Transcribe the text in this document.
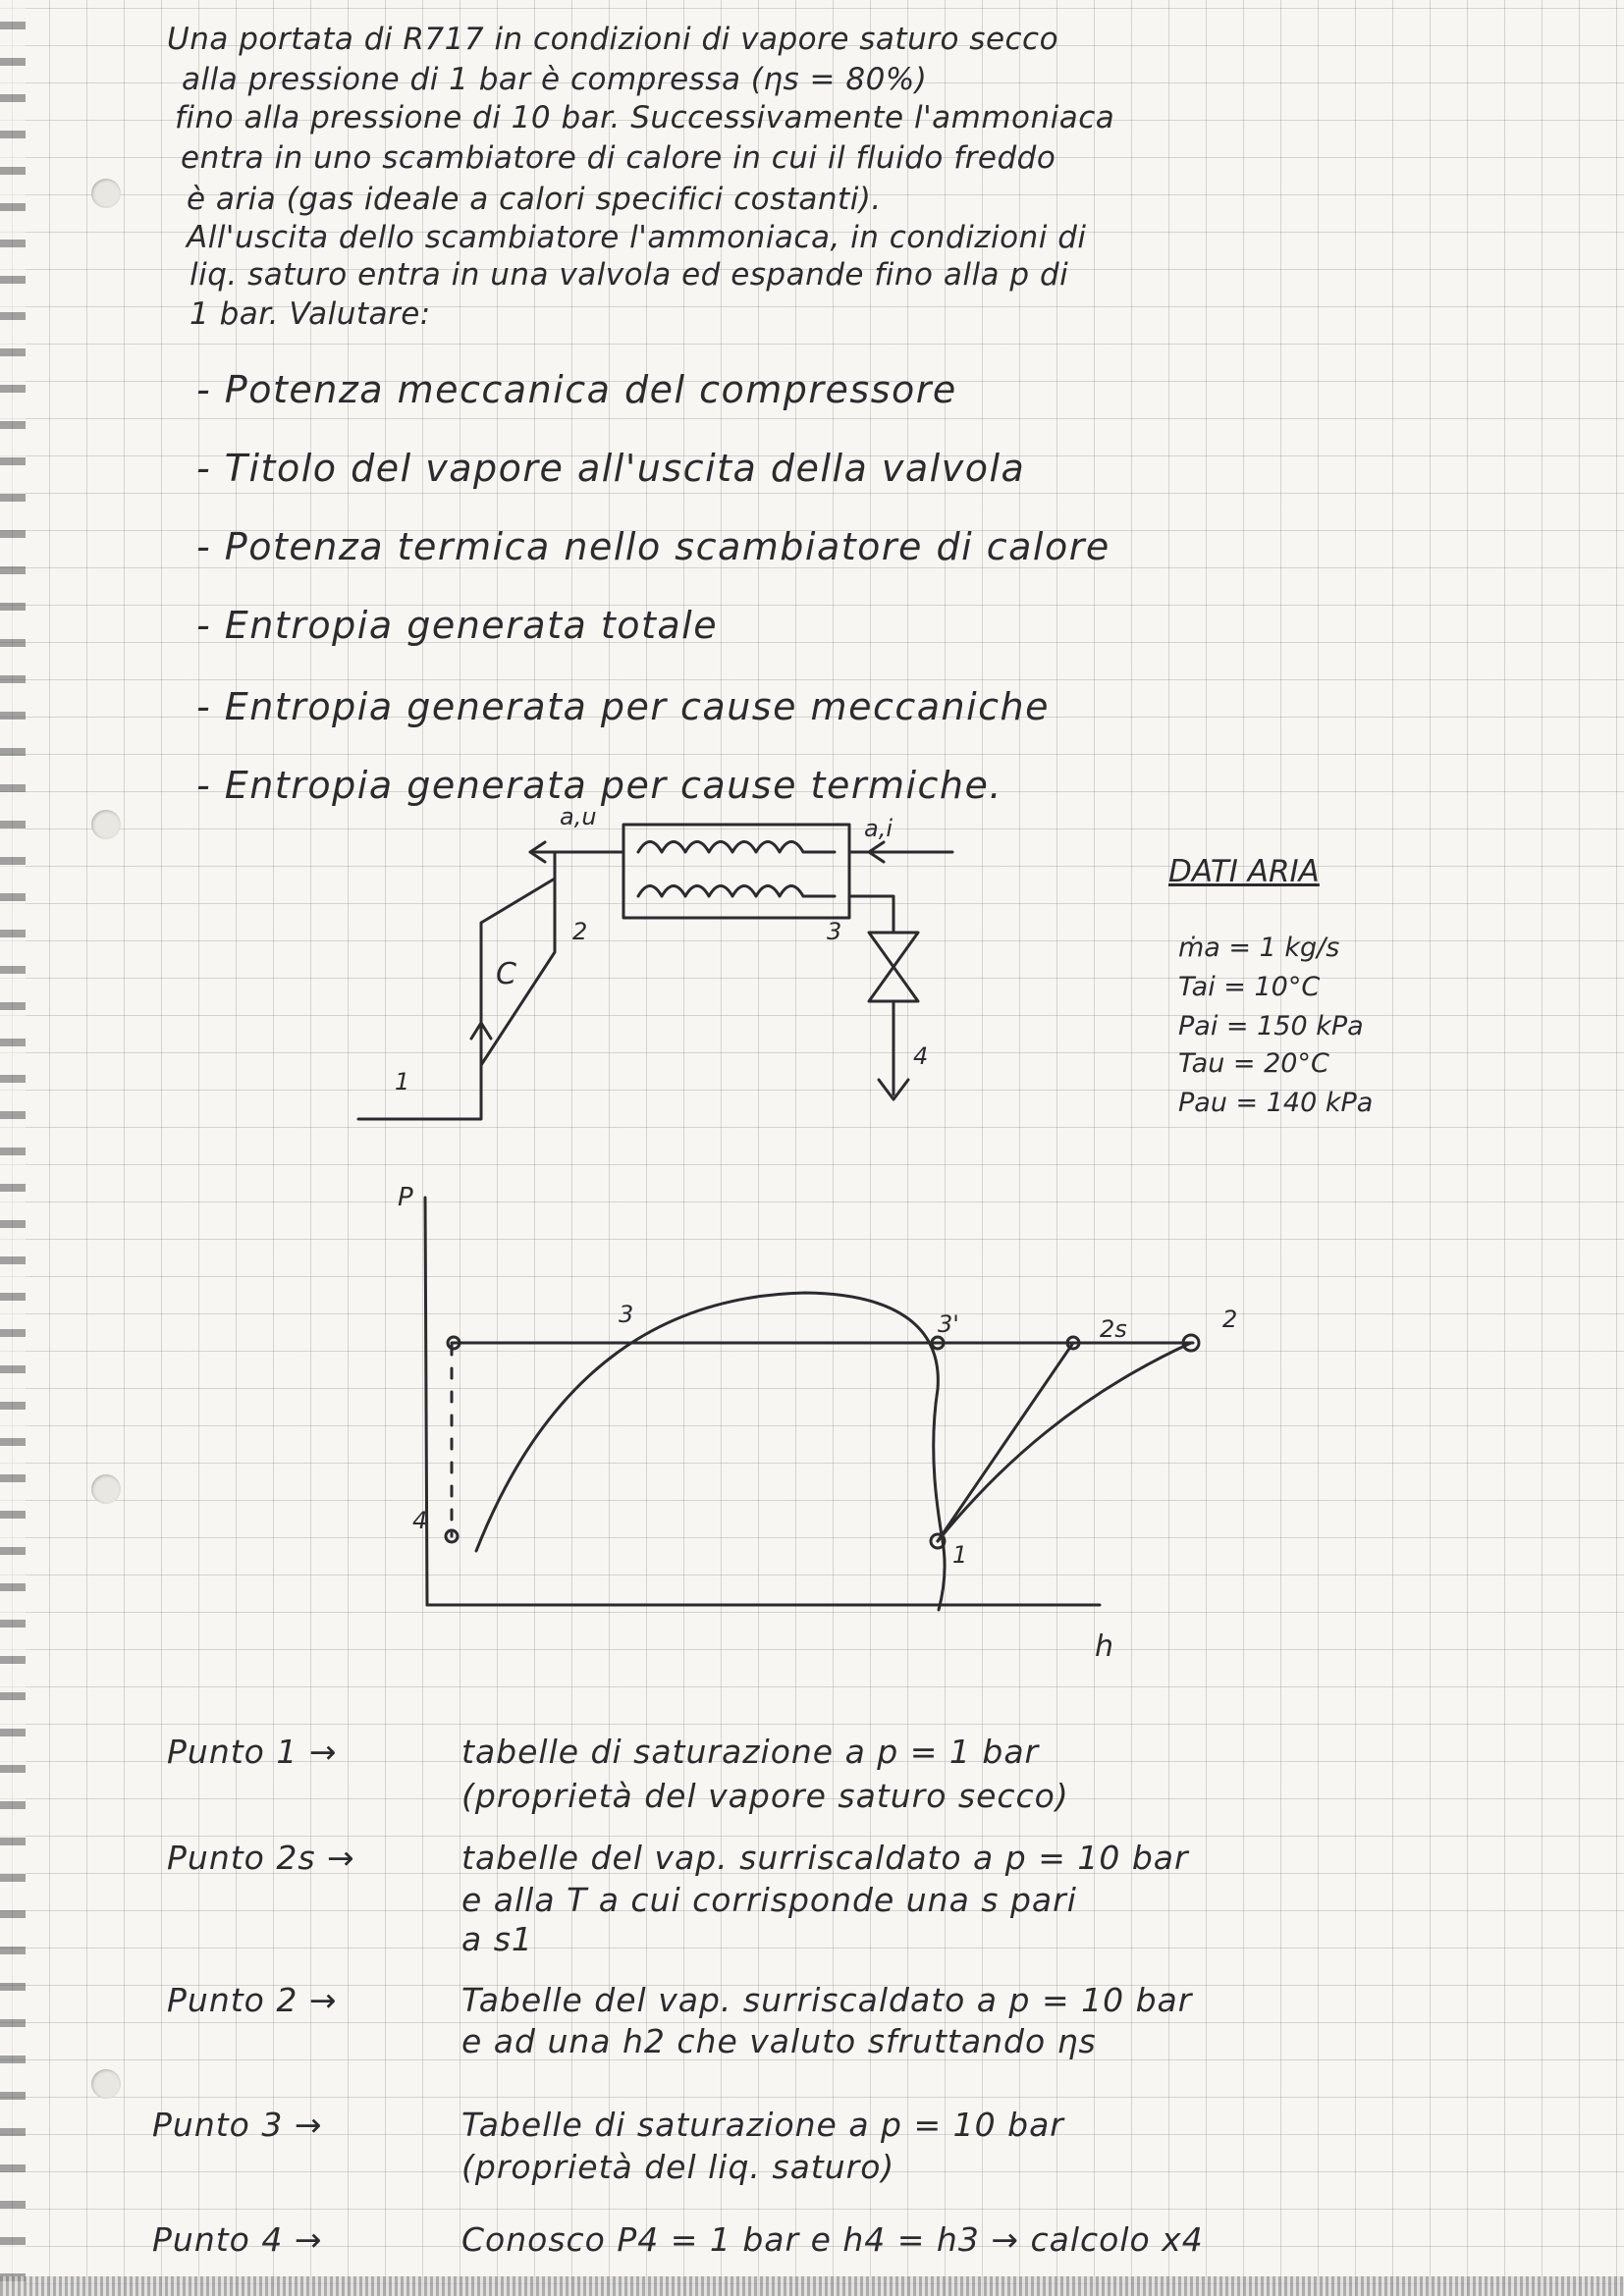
Una portata di R717 in condizioni di vapore saturo secco

alla pressione di 1 bar è compressa (ηs = 80%)

fino alla pressione di 10 bar. Successivamente l'ammoniaca

entra in uno scambiatore di calore in cui il fluido freddo

è aria (gas ideale a calori specifici costanti).

All'uscita dello scambiatore l'ammoniaca, in condizioni di

liq. saturo entra in una valvola ed espande fino alla p di

1 bar. Valutare:

- Potenza meccanica del compressore

- Titolo del vapore all'uscita della valvola

- Potenza termica nello scambiatore di calore

- Entropia generata totale

- Entropia generata per cause meccaniche

- Entropia generata per cause termiche.

a,u	a,i

C

1

2	3

4

DATI ARIA

ṁa = 1 kg/s

Tai = 10°C

Pai = 150 kPa

Tau = 20°C

Pau = 140 kPa

P

h

3	3'	2s	2

4

1

Punto 1 →	tabelle di saturazione a p = 1 bar

(proprietà del vapore saturo secco)

Punto 2s →	tabelle del vap. surriscaldato a p = 10 bar

e alla T a cui corrisponde una s pari

a s1

Punto 2 →	Tabelle del vap. surriscaldato a p = 10 bar

e ad una h2 che valuto sfruttando ηs

Punto 3 →	Tabelle di saturazione a p = 10 bar

(proprietà del liq. saturo)

Punto 4 →	Conosco P4 = 1 bar e h4 = h3 → calcolo x4
